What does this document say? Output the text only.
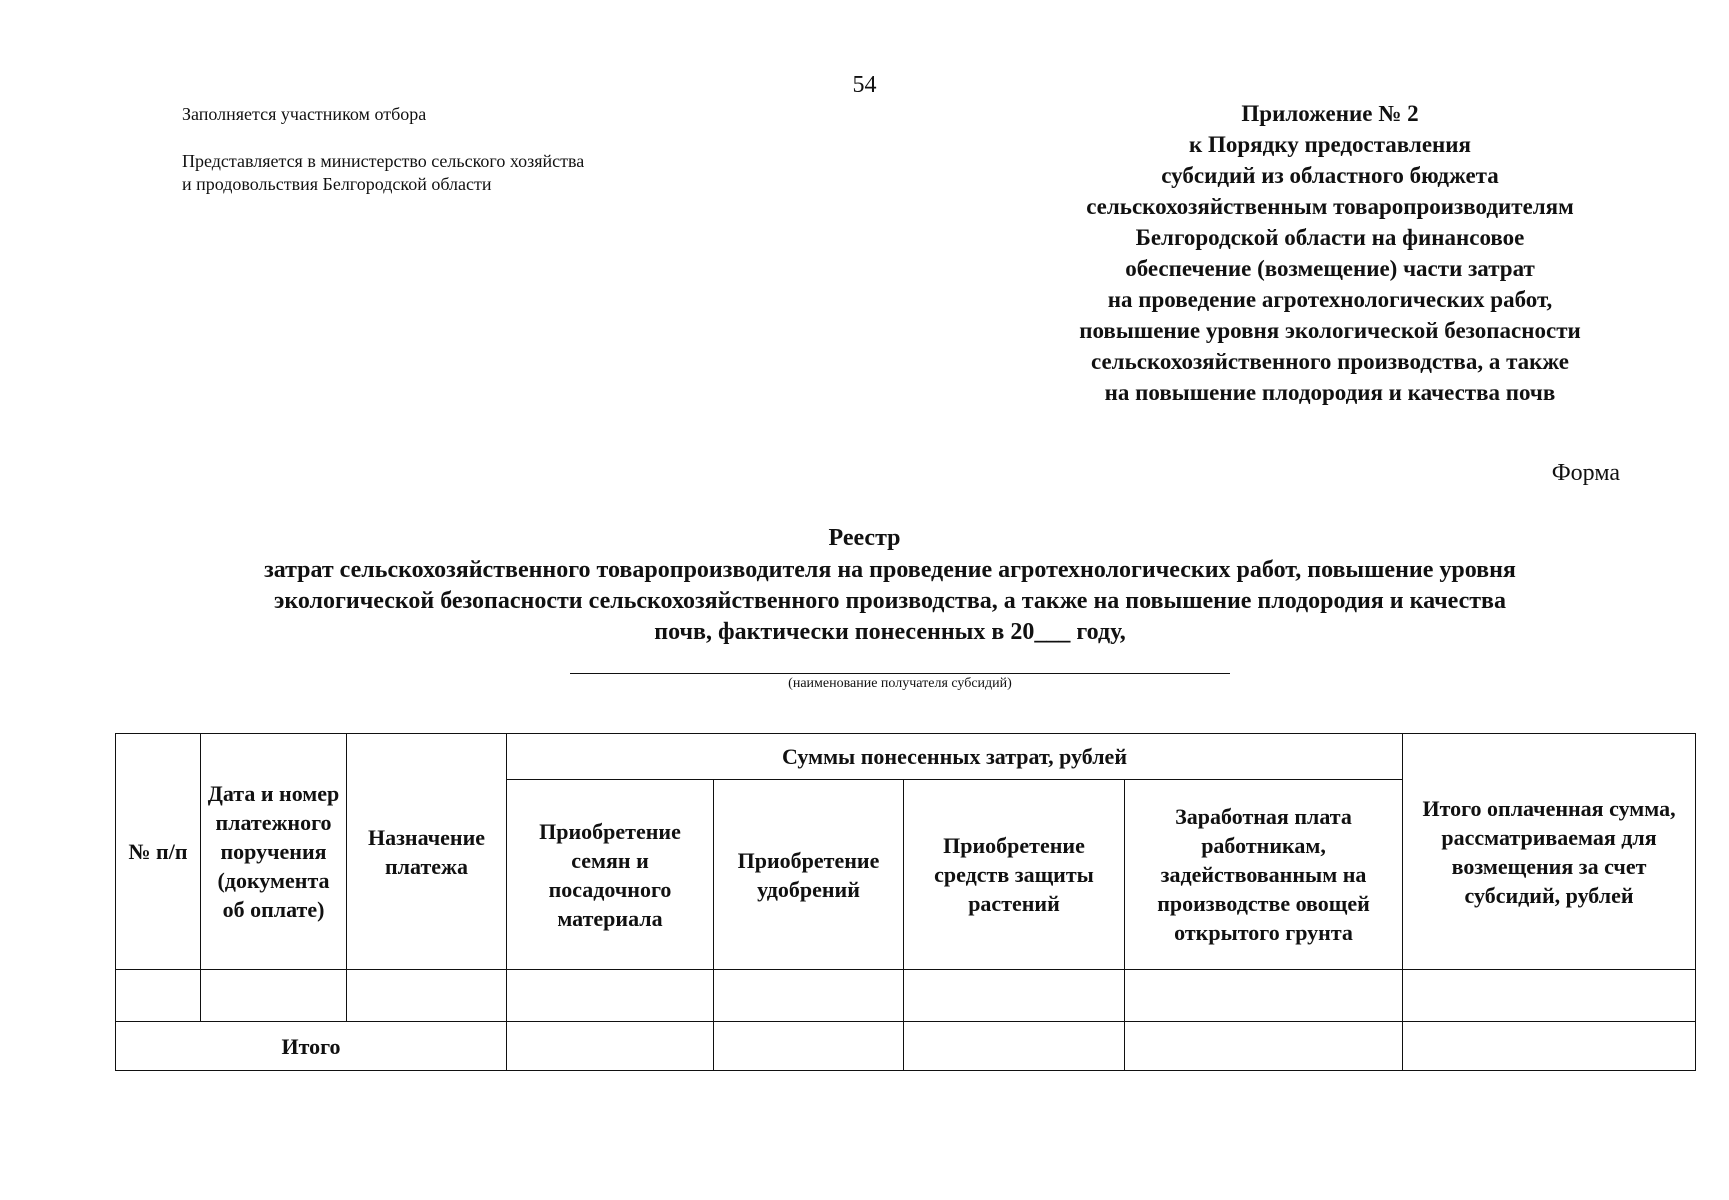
54
Заполняется участником отбора
Представляется в министерство сельского хозяйства
и продовольствия Белгородской области
Приложение № 2
к Порядку предоставления
субсидий из областного бюджета
сельскохозяйственным товаропроизводителям
Белгородской области на финансовое
обеспечение (возмещение) части затрат
на проведение агротехнологических работ,
повышение уровня экологической безопасности
сельскохозяйственного производства, а также
на повышение плодородия и качества почв
Форма
Реестр
затрат сельскохозяйственного товаропроизводителя на проведение агротехнологических работ, повышение уровня
экологической безопасности сельскохозяйственного производства, а также на повышение плодородия и качества
почв, фактически понесенных в 20___ году,
(наименование получателя субсидий)
№ п/п	Дата и номер платежного поручения (документа об оплате)	Назначение платежа	Суммы понесенных затрат, рублей				Итого оплаченная сумма, рассматриваемая для возмещения за счет субсидий, рублей
			Приобретение семян и посадочного материала	Приобретение удобрений	Приобретение средств защиты растений	Заработная плата работникам, задействованным на производстве овощей открытого грунта	

Итого							
